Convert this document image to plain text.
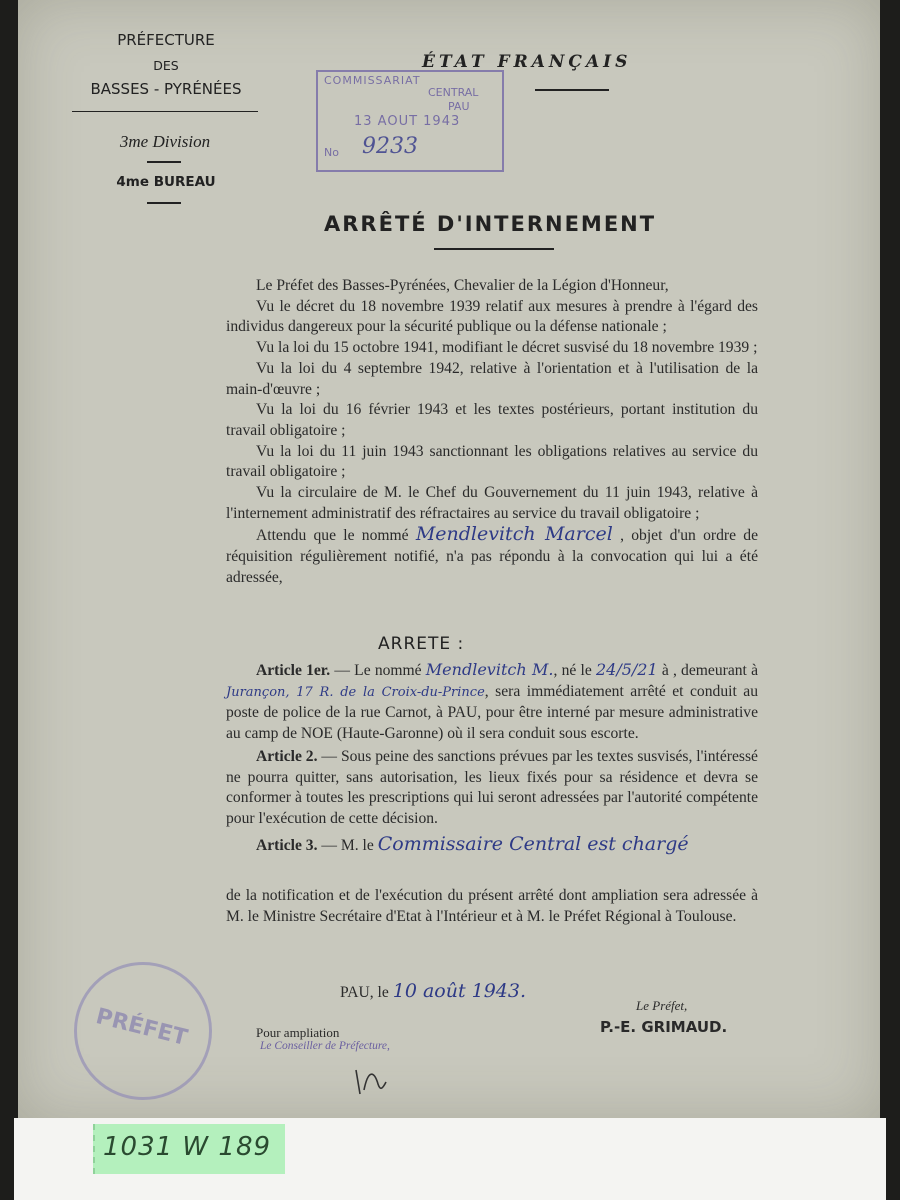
PRÉFECTURE
DES
BASSES - PYRÉNÉES
3me Division
4me BUREAU
ÉTAT FRANÇAIS
COMMISSARIAT
CENTRAL
PAU
13 AOUT 1943
No 9233
ARRÊTÉ D'INTERNEMENT

Le Préfet des Basses-Pyrénées, Chevalier de la Légion d'Honneur,

Vu le décret du 18 novembre 1939 relatif aux mesures à prendre à l'égard des individus dangereux pour la sécurité publique ou la défense nationale ;

Vu la loi du 15 octobre 1941, modifiant le décret susvisé du 18 novembre 1939 ;

Vu la loi du 4 septembre 1942, relative à l'orientation et à l'utilisation de la main-d'œuvre ;

Vu la loi du 16 février 1943 et les textes postérieurs, portant institution du travail obligatoire ;

Vu la loi du 11 juin 1943 sanctionnant les obligations relatives au service du travail obligatoire ;

Vu la circulaire de M. le Chef du Gouvernement du 11 juin 1943, relative à l'internement administratif des réfractaires au service du travail obligatoire ;

Attendu que le nommé Mendlevitch Marcel , objet d'un ordre de réquisition régulièrement notifié, n'a pas répondu à la convocation qui lui a été adressée,

ARRETE :

Article 1er. — Le nommé Mendlevitch M., né le 24/5/21 à , demeurant à Jurançon, 17 R. de la Croix-du-Prince, sera immédiatement arrêté et conduit au poste de police de la rue Carnot, à PAU, pour être interné par mesure administrative au camp de NOE (Haute-Garonne) où il sera conduit sous escorte.

Article 2. — Sous peine des sanctions prévues par les textes susvisés, l'intéressé ne pourra quitter, sans autorisation, les lieux fixés pour sa résidence et devra se conformer à toutes les prescriptions qui lui seront adressées par l'autorité compétente pour l'exécution de cette décision.

Article 3. — M. le Commissaire Central est chargé

de la notification et de l'exécution du présent arrêté dont ampliation sera adressée à M. le Ministre Secrétaire d'Etat à l'Intérieur et à M. le Préfet Régional à Toulouse.

PAU, le 10 août 1943.
Le Préfet,
P.-E. GRIMAUD.
Pour ampliation
Le Conseiller de Préfecture,
PRÉFET
1031 W 189
